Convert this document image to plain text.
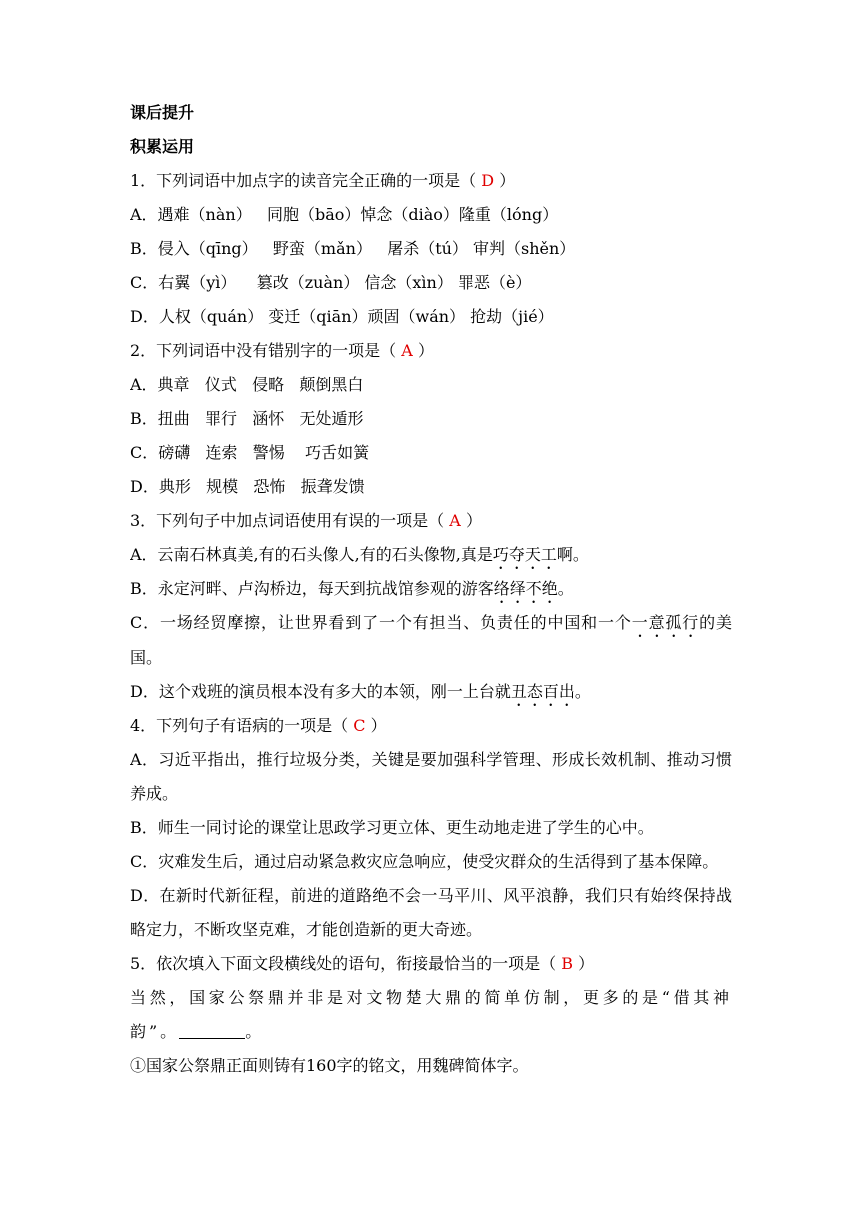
课后提升
积累运用
1．下列词语中加点字的读音完全正确的一项是（ D ）
A．遇难（nàn）   同胞（bāo）悼念（diào）隆重（lóng）
B．侵入（qīng）   野蛮（mǎn）   屠杀（tú） 审判（shěn）
C．右翼（yì）    篡改（zuàn） 信念（xìn） 罪恶（è）
D．人权（quán） 变迁（qiān）顽固（wán） 抢劫（jié）
2．下列词语中没有错别字的一项是（ A ）
A．典章   仪式   侵略   颠倒黑白
B．扭曲   罪行   涵怀   无处遁形
C．磅礴   连索   警惕    巧舌如簧
D．典形   规模   恐怖   振聋发馈
3．下列句子中加点词语使用有误的一项是（ A ）
A．云南石林真美,有的石头像人,有的石头像物,真是巧夺天工啊。
B．永定河畔、卢沟桥边，每天到抗战馆参观的游客络绎不绝。
C．一场经贸摩擦，让世界看到了一个有担当、负责任的中国和一个一意孤行的美国。
D．这个戏班的演员根本没有多大的本领，刚一上台就丑态百出。
4．下列句子有语病的一项是（ C ）
A．习近平指出，推行垃圾分类，关键是要加强科学管理、形成长效机制、推动习惯养成。
B．师生一同讨论的课堂让思政学习更立体、更生动地走进了学生的心中。
C．灾难发生后，通过启动紧急救灾应急响应，使受灾群众的生活得到了基本保障。
D．在新时代新征程，前进的道路绝不会一马平川、风平浪静，我们只有始终保持战略定力，不断攻坚克难，才能创造新的更大奇迹。
5．依次填入下面文段横线处的语句，衔接最恰当的一项是（ B ）
当然，国家公祭鼎并非是对文物楚大鼎的简单仿制，更多的是“借其神韵”。	。
①国家公祭鼎正面则铸有160字的铭文，用魏碑简体字。
